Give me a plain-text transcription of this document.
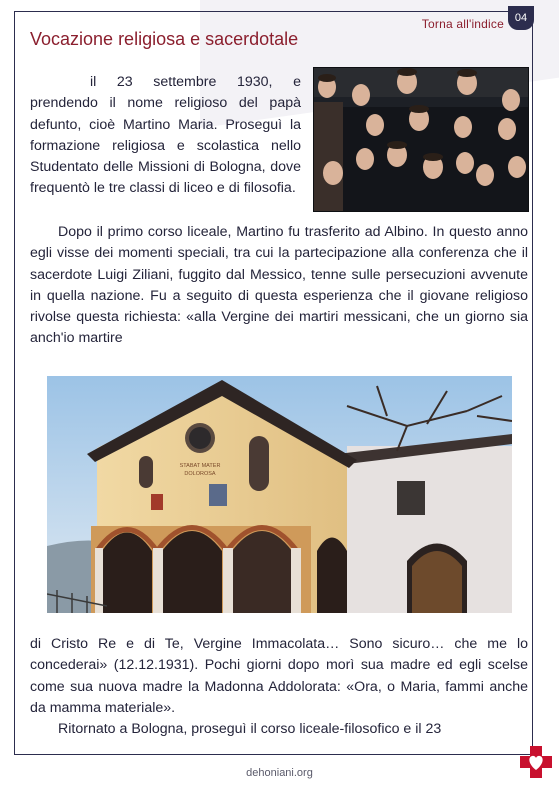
Torna all'indice 04
Vocazione religiosa e sacerdotale

il 23 settembre 1930, e prendendo il nome religioso del papà defunto, cioè Martino Maria. Proseguì la formazione religiosa e scolastica nello Studentato delle Missioni di Bologna, dove frequentò le tre classi di liceo e di filosofia.

Dopo il primo corso liceale, Martino fu trasferito ad Albino. In questo anno egli visse dei momenti speciali, tra cui la partecipazione alla conferenza che il sacerdote Luigi Ziliani, fuggito dal Messico, tenne sulle persecuzioni avvenute in quella nazione. Fu a seguito di questa esperienza che il giovane religioso rivolse questa richiesta: «alla Vergine dei martiri messicani, che un giorno sia anch'io martire

STABAT MATER
DOLOROSA

di Cristo Re e di Te, Vergine Immacolata… Sono sicuro… che me lo concederai» (12.12.1931). Pochi giorni dopo morì sua madre ed egli scelse come sua nuova madre la Madonna Addolorata: «Ora, o Maria, fammi anche da mamma materiale».
Ritornato a Bologna, proseguì il corso liceale-filosofico e il 23

dehoniani.org
